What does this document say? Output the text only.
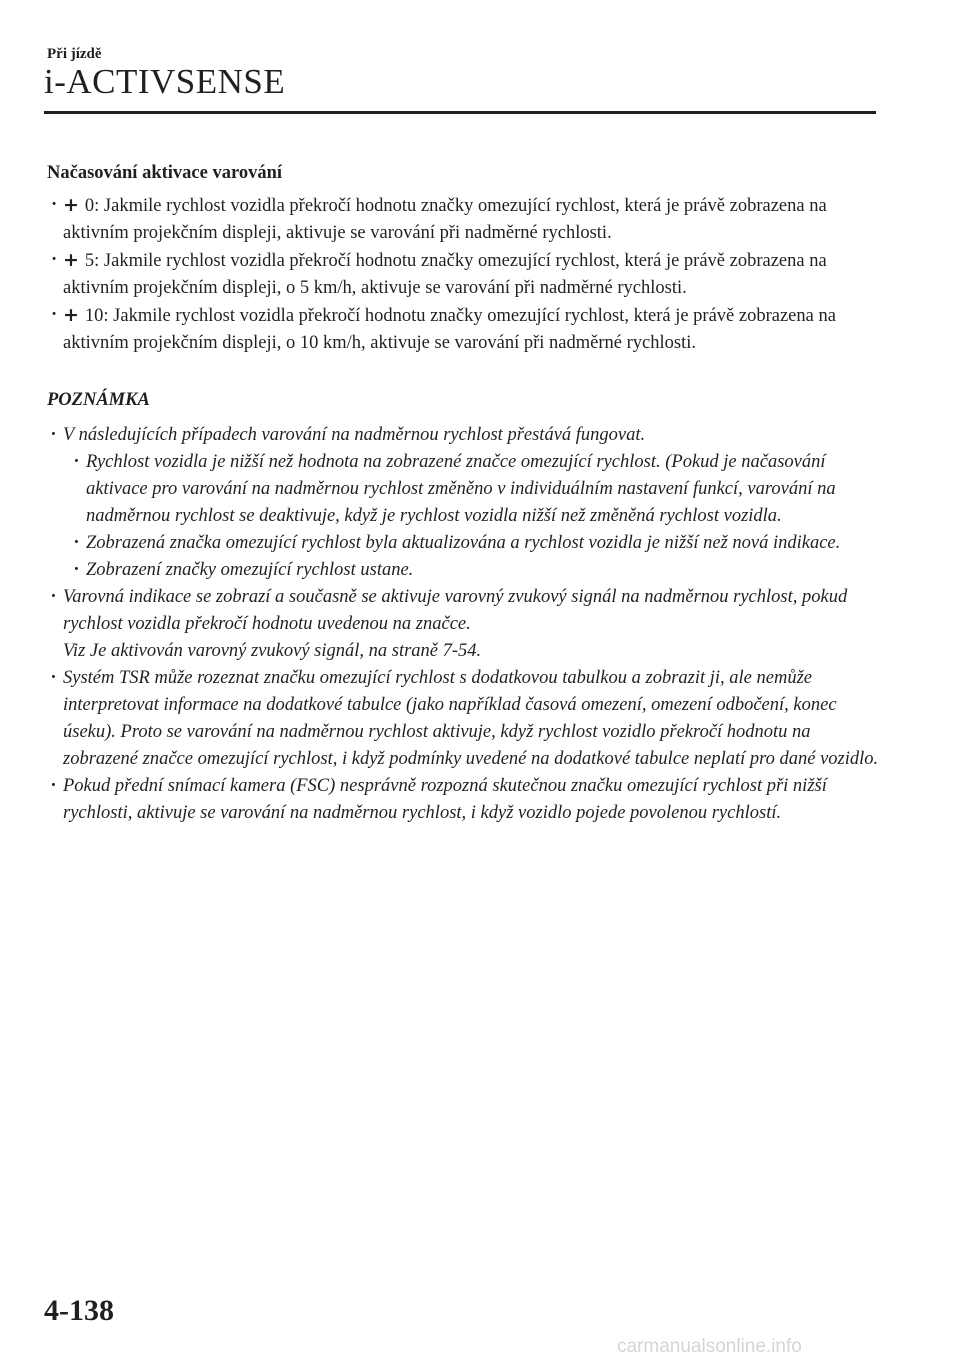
Při jízdě
i-ACTIVSENSE
Načasování aktivace varování
· + 0: Jakmile rychlost vozidla překročí hodnotu značky omezující rychlost, která je právě zobrazena na aktivním projekčním displeji, aktivuje se varování při nadměrné rychlosti.
· + 5: Jakmile rychlost vozidla překročí hodnotu značky omezující rychlost, která je právě zobrazena na aktivním projekčním displeji, o 5 km/h, aktivuje se varování při nadměrné rychlosti.
· + 10: Jakmile rychlost vozidla překročí hodnotu značky omezující rychlost, která je právě zobrazena na aktivním projekčním displeji, o 10 km/h, aktivuje se varování při nadměrné rychlosti.
POZNÁMKA
· V následujících případech varování na nadměrnou rychlost přestává fungovat.
· Rychlost vozidla je nižší než hodnota na zobrazené značce omezující rychlost. (Pokud je načasování aktivace pro varování na nadměrnou rychlost změněno v individuálním nastavení funkcí, varování na nadměrnou rychlost se deaktivuje, když je rychlost vozidla nižší než změněná rychlost vozidla.
· Zobrazená značka omezující rychlost byla aktualizována a rychlost vozidla je nižší než nová indikace.
· Zobrazení značky omezující rychlost ustane.
· Varovná indikace se zobrazí a současně se aktivuje varovný zvukový signál na nadměrnou rychlost, pokud rychlost vozidla překročí hodnotu uvedenou na značce.
Viz Je aktivován varovný zvukový signál, na straně 7-54.
· Systém TSR může rozeznat značku omezující rychlost s dodatkovou tabulkou a zobrazit ji, ale nemůže interpretovat informace na dodatkové tabulce (jako například časová omezení, omezení odbočení, konec úseku). Proto se varování na nadměrnou rychlost aktivuje, když rychlost vozidlo překročí hodnotu na zobrazené značce omezující rychlost, i když podmínky uvedené na dodatkové tabulce neplatí pro dané vozidlo.
· Pokud přední snímací kamera (FSC) nesprávně rozpozná skutečnou značku omezující rychlost při nižší rychlosti, aktivuje se varování na nadměrnou rychlost, i když vozidlo pojede povolenou rychlostí.
4-138
carmanualsonline.info
